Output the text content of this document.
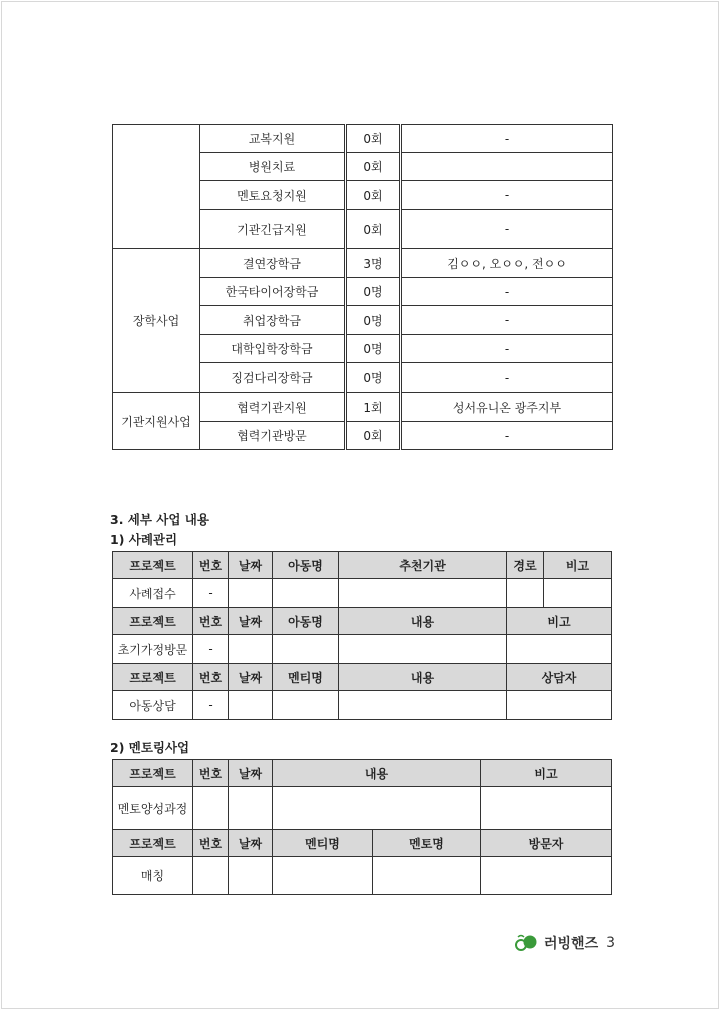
	교복지원	0회	-
	병원치료	0회	
	멘토요청지원	0회	-
	기관긴급지원	0회	-
장학사업	결연장학금	3명	김ㅇㅇ, 오ㅇㅇ, 전ㅇㅇ
	한국타이어장학금	0명	-
	취업장학금	0명	-
	대학입학장학금	0명	-
	징검다리장학금	0명	-
기관지원사업	협력기관지원	1회	성서유니온 광주지부
	협력기관방문	0회	-
3. 세부 사업 내용
1) 사례관리
프로젝트	번호	날짜	아동명	추천기관	경로	비고
사례접수	-					
프로젝트	번호	날짜	아동명	내용	비고	
초기가정방문	-					
프로젝트	번호	날짜	멘티명	내용	상담자	
아동상담	-					
2) 멘토링사업
프로젝트	번호	날짜	내용		비고
멘토양성과정					
프로젝트	번호	날짜	멘티명	멘토명	방문자
매칭					
러빙핸즈 3
